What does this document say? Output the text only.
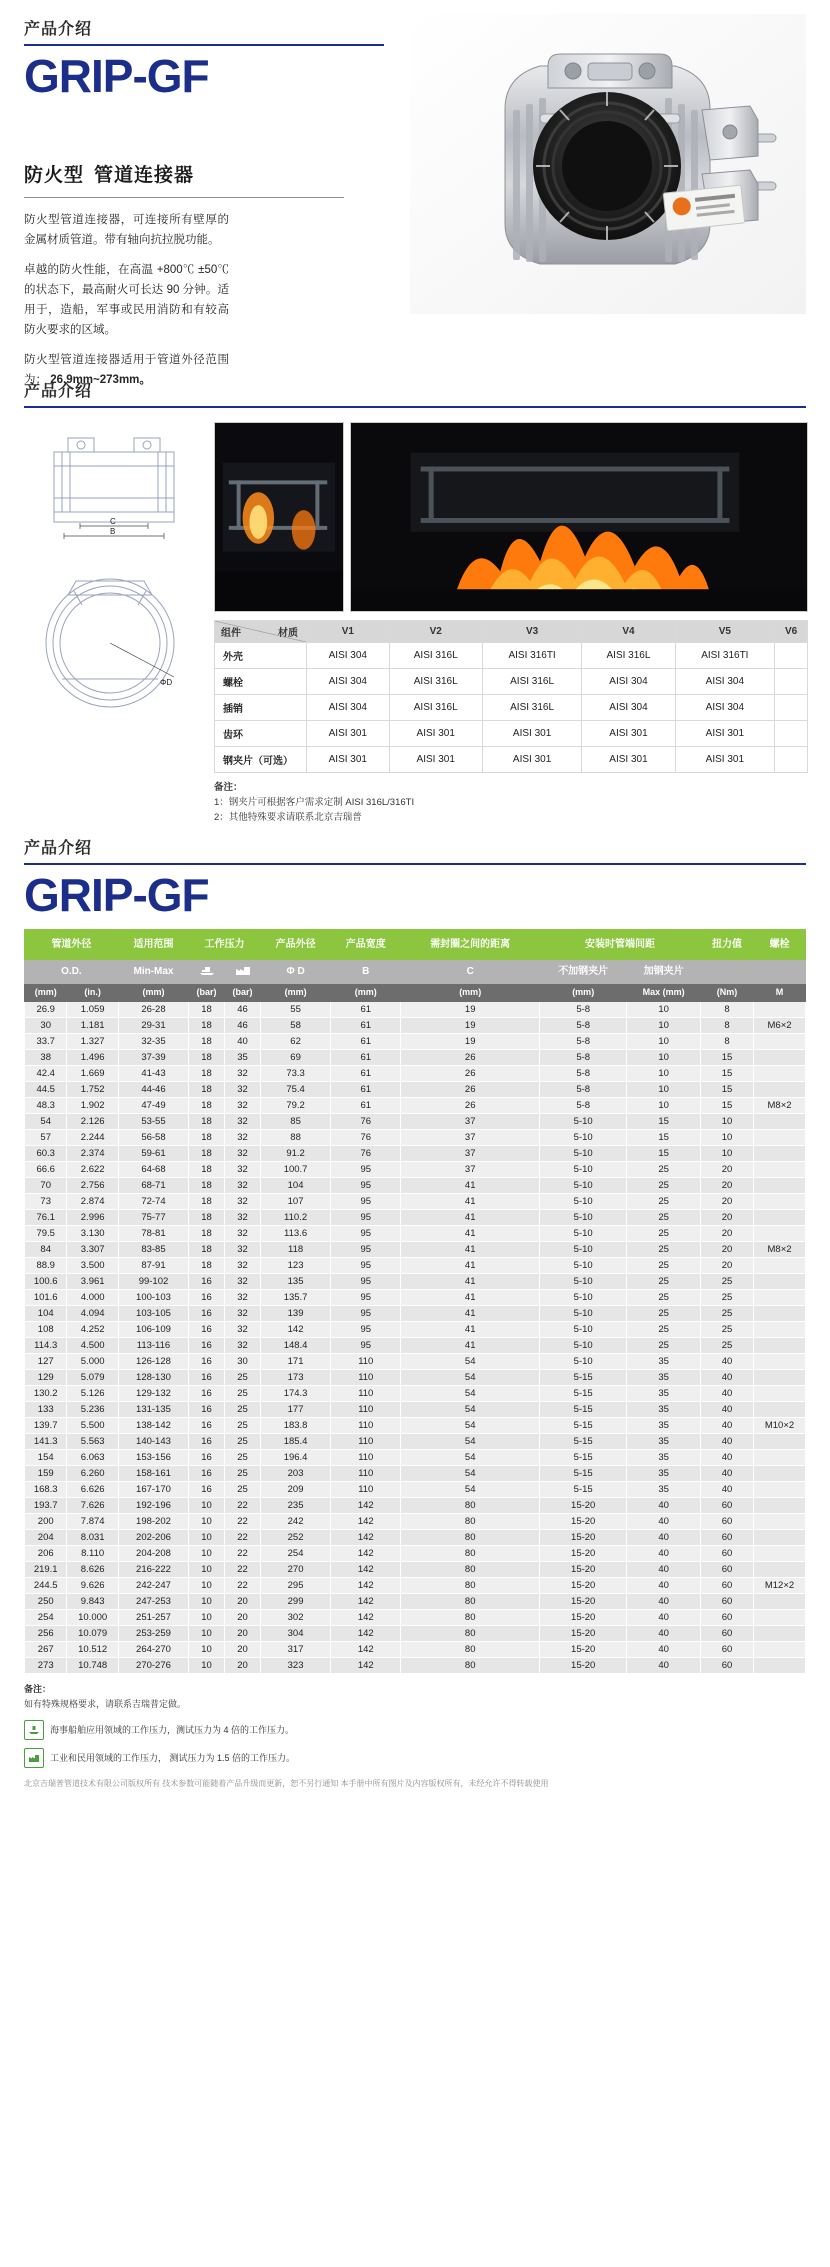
产品介绍
GRIP-GF
防火型 管道连接器
防火型管道连接器，可连接所有壁厚的金属材质管道。带有轴向抗拉脱功能。
卓越的防火性能，在高温 +800℃ ±50℃的状态下，最高耐火可长达 90 分钟。适用于，造船，军事或民用消防和有较高防火要求的区域。
防火型管道连接器适用于管道外径范围为： 26.9mm~273mm。
产品介绍
C
B
ΦD
材质
组件	V1	V2	V3	V4	V5	V6
外壳	AISI 304	AISI 316L	AISI 316TI	AISI 316L	AISI 316TI	
螺栓	AISI 304	AISI 316L	AISI 316L	AISI 304	AISI 304	
插销	AISI 304	AISI 316L	AISI 316L	AISI 304	AISI 304	
齿环	AISI 301	AISI 301	AISI 301	AISI 301	AISI 301	
钢夹片（可选）	AISI 301	AISI 301	AISI 301	AISI 301	AISI 301	
备注：
1：钢夹片可根据客户需求定制 AISI 316L/316TI
2：其他特殊要求请联系北京吉瑞普
产品介绍
GRIP-GF
管道外径		适用范围	工作压力		产品外径	产品宽度	需封圈之间的距离	安装时管端间距		扭力值	螺栓
O.D.		Min-Max			Φ D	B	C	不加钢夹片	加钢夹片		
(mm)	(in.)	(mm)	(bar)	(bar)	(mm)	(mm)	(mm)	(mm)	Max (mm)	(Nm)	M
26.9	1.059	26-28	18	46	55	61	19	5-8	10	8	
30	1.181	29-31	18	46	58	61	19	5-8	10	8	M6×2
33.7	1.327	32-35	18	40	62	61	19	5-8	10	8	
38	1.496	37-39	18	35	69	61	26	5-8	10	15	
42.4	1.669	41-43	18	32	73.3	61	26	5-8	10	15	
44.5	1.752	44-46	18	32	75.4	61	26	5-8	10	15	
48.3	1.902	47-49	18	32	79.2	61	26	5-8	10	15	M8×2
54	2.126	53-55	18	32	85	76	37	5-10	15	10	
57	2.244	56-58	18	32	88	76	37	5-10	15	10	
60.3	2.374	59-61	18	32	91.2	76	37	5-10	15	10	
66.6	2.622	64-68	18	32	100.7	95	37	5-10	25	20	
70	2.756	68-71	18	32	104	95	41	5-10	25	20	
73	2.874	72-74	18	32	107	95	41	5-10	25	20	
76.1	2.996	75-77	18	32	110.2	95	41	5-10	25	20	
79.5	3.130	78-81	18	32	113.6	95	41	5-10	25	20	
84	3.307	83-85	18	32	118	95	41	5-10	25	20	M8×2
88.9	3.500	87-91	18	32	123	95	41	5-10	25	20	
100.6	3.961	99-102	16	32	135	95	41	5-10	25	25	
101.6	4.000	100-103	16	32	135.7	95	41	5-10	25	25	
104	4.094	103-105	16	32	139	95	41	5-10	25	25	
108	4.252	106-109	16	32	142	95	41	5-10	25	25	
114.3	4.500	113-116	16	32	148.4	95	41	5-10	25	25	
127	5.000	126-128	16	30	171	110	54	5-10	35	40	
129	5.079	128-130	16	25	173	110	54	5-15	35	40	
130.2	5.126	129-132	16	25	174.3	110	54	5-15	35	40	
133	5.236	131-135	16	25	177	110	54	5-15	35	40	
139.7	5.500	138-142	16	25	183.8	110	54	5-15	35	40	M10×2
141.3	5.563	140-143	16	25	185.4	110	54	5-15	35	40	
154	6.063	153-156	16	25	196.4	110	54	5-15	35	40	
159	6.260	158-161	16	25	203	110	54	5-15	35	40	
168.3	6.626	167-170	16	25	209	110	54	5-15	35	40	
193.7	7.626	192-196	10	22	235	142	80	15-20	40	60	
200	7.874	198-202	10	22	242	142	80	15-20	40	60	
204	8.031	202-206	10	22	252	142	80	15-20	40	60	
206	8.110	204-208	10	22	254	142	80	15-20	40	60	
219.1	8.626	216-222	10	22	270	142	80	15-20	40	60	
244.5	9.626	242-247	10	22	295	142	80	15-20	40	60	M12×2
250	9.843	247-253	10	20	299	142	80	15-20	40	60	
254	10.000	251-257	10	20	302	142	80	15-20	40	60	
256	10.079	253-259	10	20	304	142	80	15-20	40	60	
267	10.512	264-270	10	20	317	142	80	15-20	40	60	
273	10.748	270-276	10	20	323	142	80	15-20	40	60	
备注：
如有特殊规格要求，请联系吉瑞普定做。
海事船舶应用领域的工作压力，测试压力为 4 倍的工作压力。
工业和民用领域的工作压力， 测试压力为 1.5 倍的工作压力。
北京吉瑞普管道技术有限公司版权所有 技术参数可能随着产品升级而更新，恕不另行通知 本手册中所有图片及内容版权所有，未经允许不得转载使用
